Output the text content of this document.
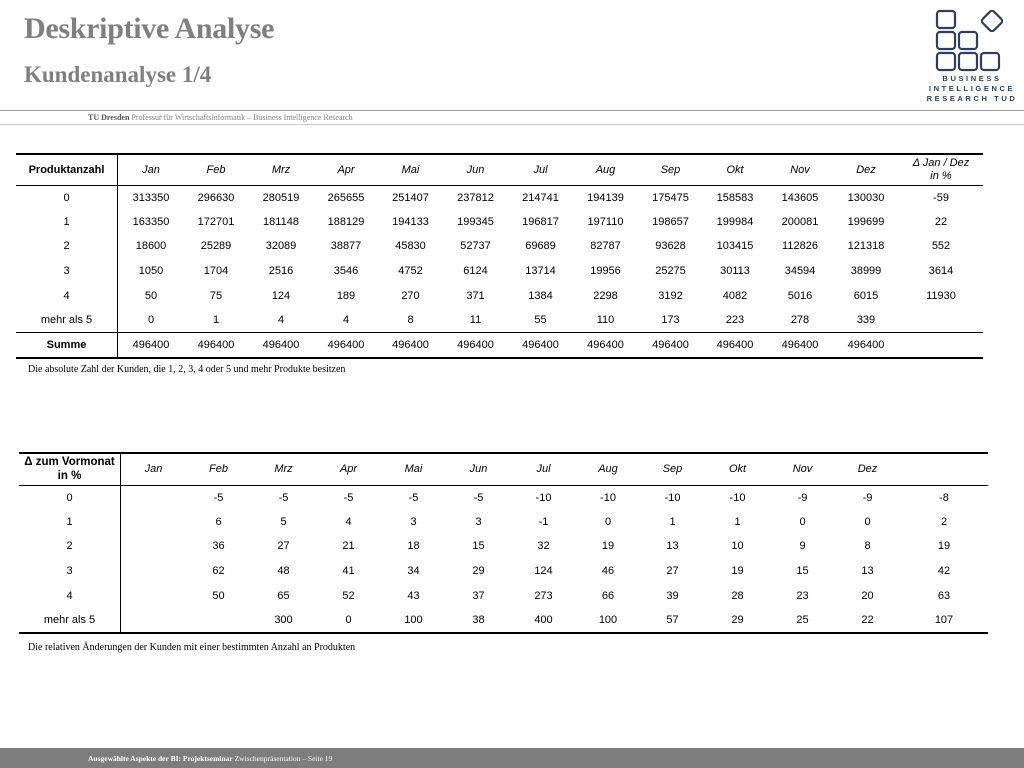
Deskriptive Analyse
Kundenanalyse 1/4	BUSINESS
INTELLIGENCE
RESEARCH TUD
TU Dresden Professur für Wirtschaftsinformatik – Business Intelligence Research
Produktanzahl	Jan	Feb	Mrz	Apr	Mai	Jun	Jul	Aug	Sep	Okt	Nov	Dez	Δ Jan / Dez
in %

0	313350	296630	280519	265655	251407	237812	214741	194139	175475	158583	143605	130030	-59
1	163350	172701	181148	188129	194133	199345	196817	197110	198657	199984	200081	199699	22
2	18600	25289	32089	38877	45830	52737	69689	82787	93628	103415	112826	121318	552
3	1050	1704	2516	3546	4752	6124	13714	19956	25275	30113	34594	38999	3614
4	50	75	124	189	270	371	1384	2298	3192	4082	5016	6015	11930
mehr als 5	0	1	4	4	8	11	55	110	173	223	278	339	
Summe	496400	496400	496400	496400	496400	496400	496400	496400	496400	496400	496400	496400	
Die absolute Zahl der Kunden, die 1, 2, 3, 4 oder 5 und mehr Produkte besitzen
Δ zum Vormonat
in %	Jan	Feb	Mrz	Apr	Mai	Jun	Jul	Aug	Sep	Okt	Nov	Dez	
0		-5	-5	-5	-5	-5	-10	-10	-10	-10	-9	-9	-8
1		6	5	4	3	3	-1	0	1	1	0	0	2
2		36	27	21	18	15	32	19	13	10	9	8	19
3		62	48	41	34	29	124	46	27	19	15	13	42
4		50	65	52	43	37	273	66	39	28	23	20	63
mehr als 5			300	0	100	38	400	100	57	29	25	22	107
Die relativen Änderungen der Kunden mit einer bestimmten Anzahl an Produkten
Ausgewählte Aspekte der BI: Projektseminar Zwischenpräsentation – Seite 19
